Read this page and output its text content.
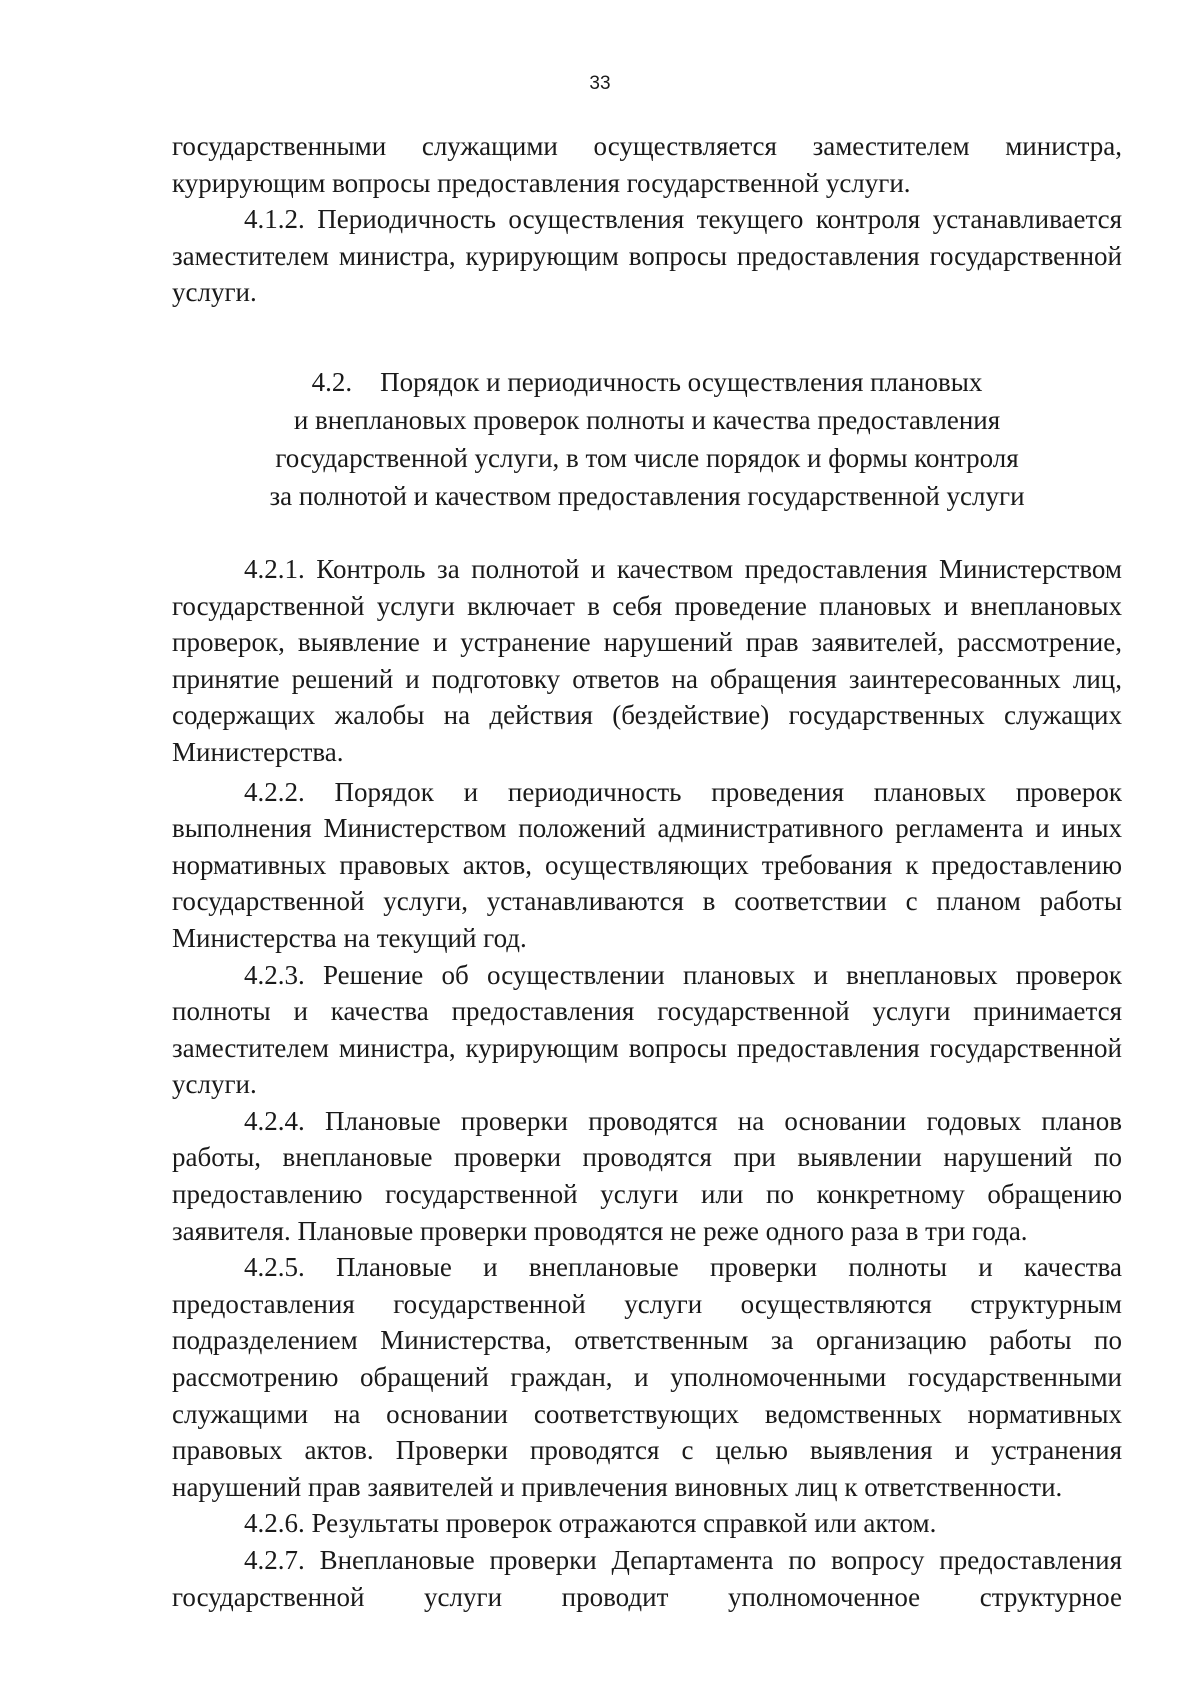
33

государственными служащими осуществляется заместителем министра, курирующим вопросы предоставления государственной услуги.

4.1.2. Периодичность осуществления текущего контроля устанавливается заместителем министра, курирующим вопросы предоставления государственной услуги.

4.2. Порядок и периодичность осуществления плановых
и внеплановых проверок полноты и качества предоставления
государственной услуги, в том числе порядок и формы контроля
за полнотой и качеством предоставления государственной услуги

4.2.1. Контроль за полнотой и качеством предоставления Министерством государственной услуги включает в себя проведение плановых и внеплановых проверок, выявление и устранение нарушений прав заявителей, рассмотрение, принятие решений и подготовку ответов на обращения заинтересованных лиц, содержащих жалобы на действия (бездействие) государственных служащих Министерства.

4.2.2. Порядок и периодичность проведения плановых проверок выполнения Министерством положений административного регламента и иных нормативных правовых актов, осуществляющих требования к предоставлению государственной услуги, устанавливаются в соответствии с планом работы Министерства на текущий год.

4.2.3. Решение об осуществлении плановых и внеплановых проверок полноты и качества предоставления государственной услуги принимается заместителем министра, курирующим вопросы предоставления государственной услуги.

4.2.4. Плановые проверки проводятся на основании годовых планов работы, внеплановые проверки проводятся при выявлении нарушений по предоставлению государственной услуги или по конкретному обращению заявителя. Плановые проверки проводятся не реже одного раза в три года.

4.2.5. Плановые и внеплановые проверки полноты и качества предоставления государственной услуги осуществляются структурным подразделением Министерства, ответственным за организацию работы по рассмотрению обращений граждан, и уполномоченными государственными служащими на основании соответствующих ведомственных нормативных правовых актов. Проверки проводятся с целью выявления и устранения нарушений прав заявителей и привлечения виновных лиц к ответственности.

4.2.6. Результаты проверок отражаются справкой или актом.

4.2.7. Внеплановые проверки Департамента по вопросу предоставления государственной услуги проводит уполномоченное структурное
